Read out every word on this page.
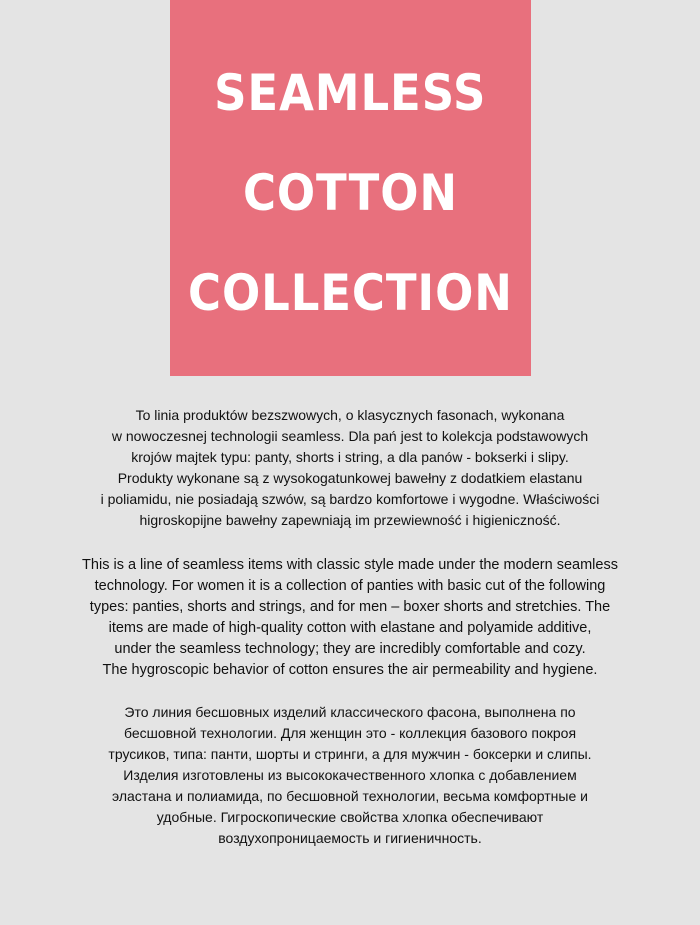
SEAMLESS
COTTON
COLLECTION
To linia produktów bezszwowych, o klasycznych fasonach, wykonana
w nowoczesnej technologii seamless. Dla pań jest to kolekcja podstawowych
krojów majtek typu: panty, shorts i string, a dla panów - bokserki i slipy.
Produkty wykonane są z wysokogatunkowej bawełny z dodatkiem elastanu
i poliamidu, nie posiadają szwów, są bardzo komfortowe i wygodne. Właściwości
higroskopijne bawełny zapewniają im przewiewność i higieniczność.
This is a line of seamless items with classic style made under the modern seamless
technology. For women it is a collection of panties with basic cut of the following
types: panties, shorts and strings, and for men – boxer shorts and stretchies. The
items are made of high-quality cotton with elastane and polyamide additive,
under the seamless technology; they are incredibly comfortable and cozy.
The hygroscopic behavior of cotton ensures the air permeability and hygiene.
Это линия бесшовных изделий классического фасона, выполнена по
бесшовной технологии. Для женщин это - коллекция базового покроя
трусиков, типа: панти, шорты и стринги, а для мужчин - боксерки и слипы.
Изделия изготовлены из высококачественного хлопка с добавлением
эластана и полиамида, по бесшовной технологии, весьма комфортные и
удобные. Гигроскопические свойства хлопка обеспечивают
воздухопроницаемость и гигиеничность.
